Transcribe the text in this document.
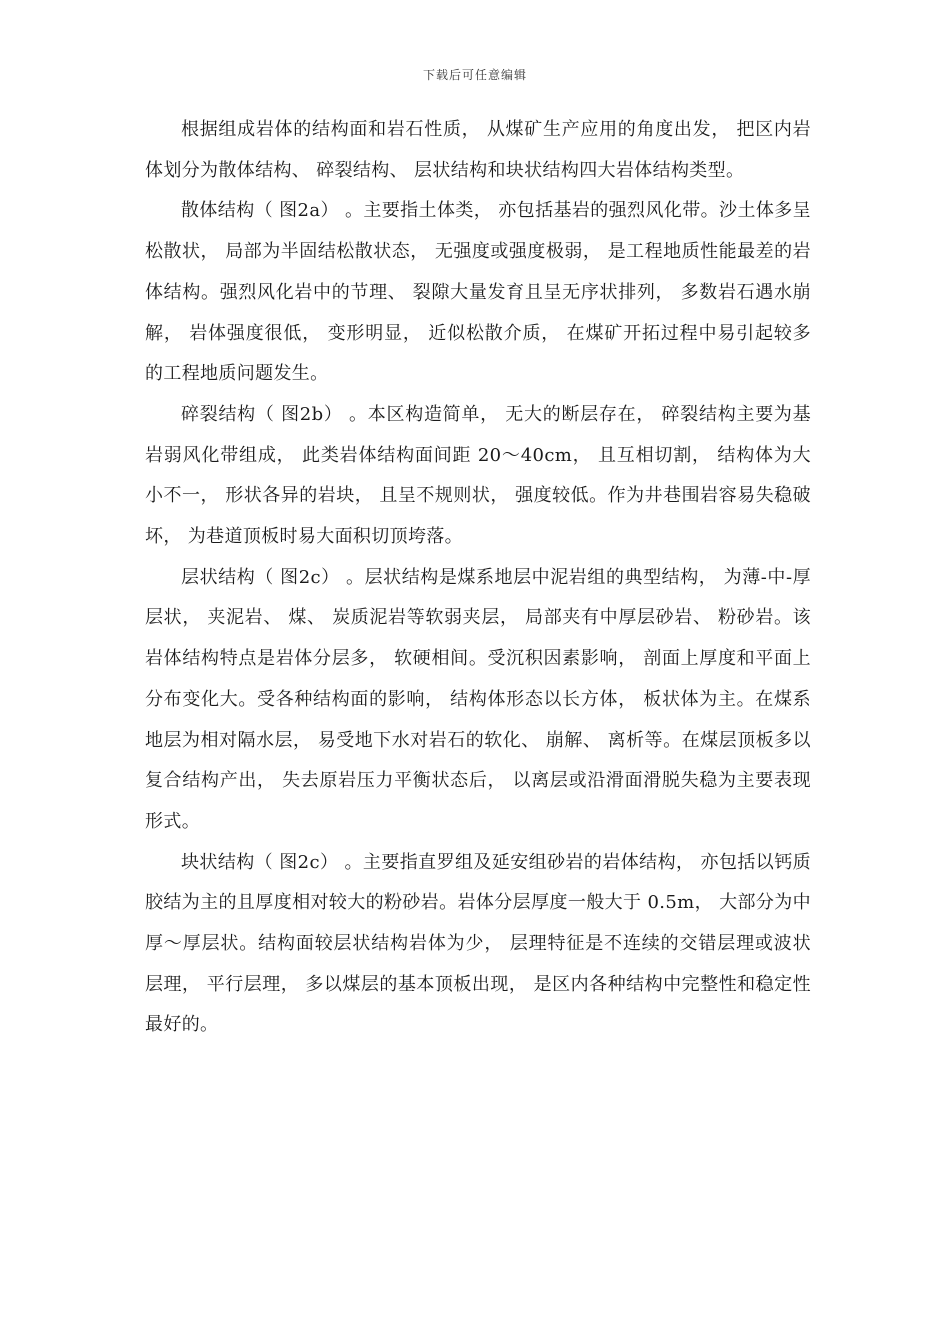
下载后可任意编辑

根据组成岩体的结构面和岩石性质， 从煤矿生产应用的角度出发， 把区内岩体划分为散体结构、 碎裂结构、 层状结构和块状结构四大岩体结构类型。

散体结构（ 图2a） 。主要指土体类， 亦包括基岩的强烈风化带。沙土体多呈松散状， 局部为半固结松散状态， 无强度或强度极弱， 是工程地质性能最差的岩体结构。强烈风化岩中的节理、 裂隙大量发育且呈无序状排列， 多数岩石遇水崩解， 岩体强度很低， 变形明显， 近似松散介质， 在煤矿开拓过程中易引起较多的工程地质问题发生。

碎裂结构（ 图2b） 。本区构造简单， 无大的断层存在， 碎裂结构主要为基岩弱风化带组成， 此类岩体结构面间距 20～40cm， 且互相切割， 结构体为大小不一， 形状各异的岩块， 且呈不规则状， 强度较低。作为井巷围岩容易失稳破坏， 为巷道顶板时易大面积切顶垮落。

层状结构（ 图2c） 。层状结构是煤系地层中泥岩组的典型结构， 为薄-中-厚层状， 夹泥岩、 煤、 炭质泥岩等软弱夹层， 局部夹有中厚层砂岩、 粉砂岩。该岩体结构特点是岩体分层多， 软硬相间。受沉积因素影响， 剖面上厚度和平面上分布变化大。受各种结构面的影响， 结构体形态以长方体， 板状体为主。在煤系地层为相对隔水层， 易受地下水对岩石的软化、 崩解、 离析等。在煤层顶板多以复合结构产出， 失去原岩压力平衡状态后， 以离层或沿滑面滑脱失稳为主要表现形式。

块状结构（ 图2c） 。主要指直罗组及延安组砂岩的岩体结构， 亦包括以钙质胶结为主的且厚度相对较大的粉砂岩。岩体分层厚度一般大于 0.5m， 大部分为中厚～厚层状。结构面较层状结构岩体为少， 层理特征是不连续的交错层理或波状层理， 平行层理， 多以煤层的基本顶板出现， 是区内各种结构中完整性和稳定性最好的。
